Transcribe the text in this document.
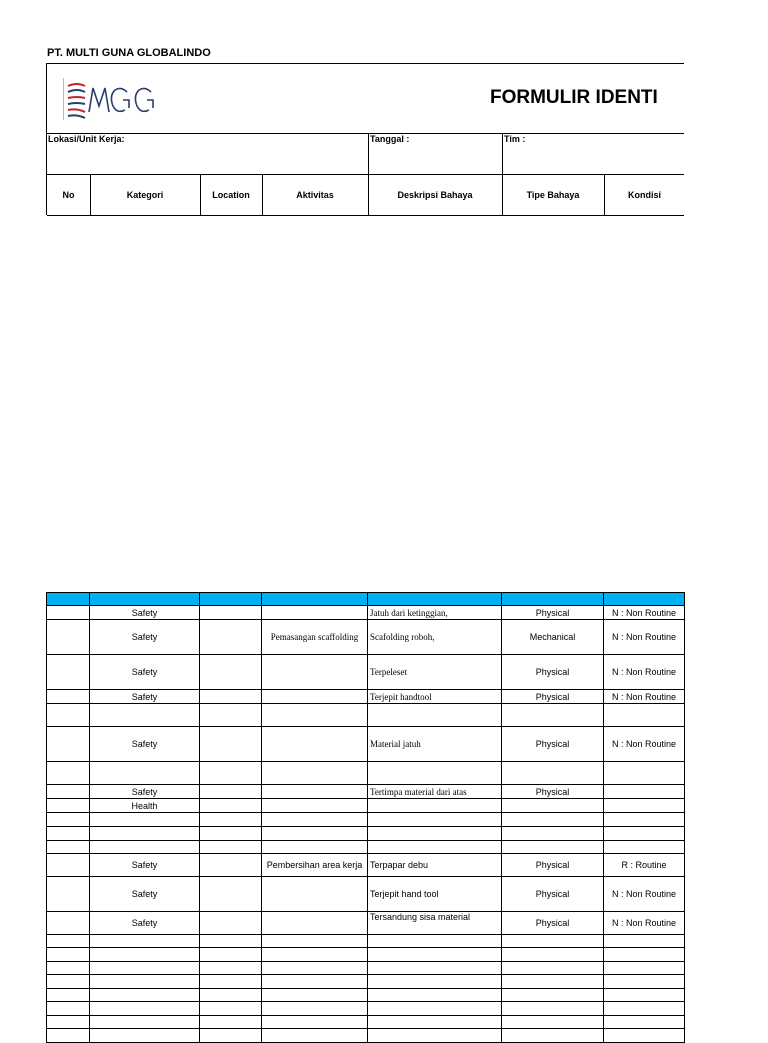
PT. MULTI GUNA GLOBALINDO
FORMULIR IDENTI
Lokasi/Unit Kerja:	Tanggal :	Tim :
No	Kategori	Location	Aktivitas	Deskripsi Bahaya	Tipe Bahaya	Kondisi

	Safety			Jatuh dari ketinggian,	Physical	N : Non Routine
	Safety		Pemasangan scaffolding	Scafolding roboh,	Mechanical	N : Non Routine
	Safety			Terpeleset	Physical	N : Non Routine
	Safety			Terjepit handtool	Physical	N : Non Routine

	Safety			Material jatuh	Physical	N : Non Routine

	Safety			Tertimpa material dari atas	Physical	
	Health					

	Safety		Pembersihan area kerja	Terpapar debu	Physical	R : Routine
	Safety			Terjepit hand tool	Physical	N : Non Routine
	Safety			Tersandung sisa material	Physical	N : Non Routine
